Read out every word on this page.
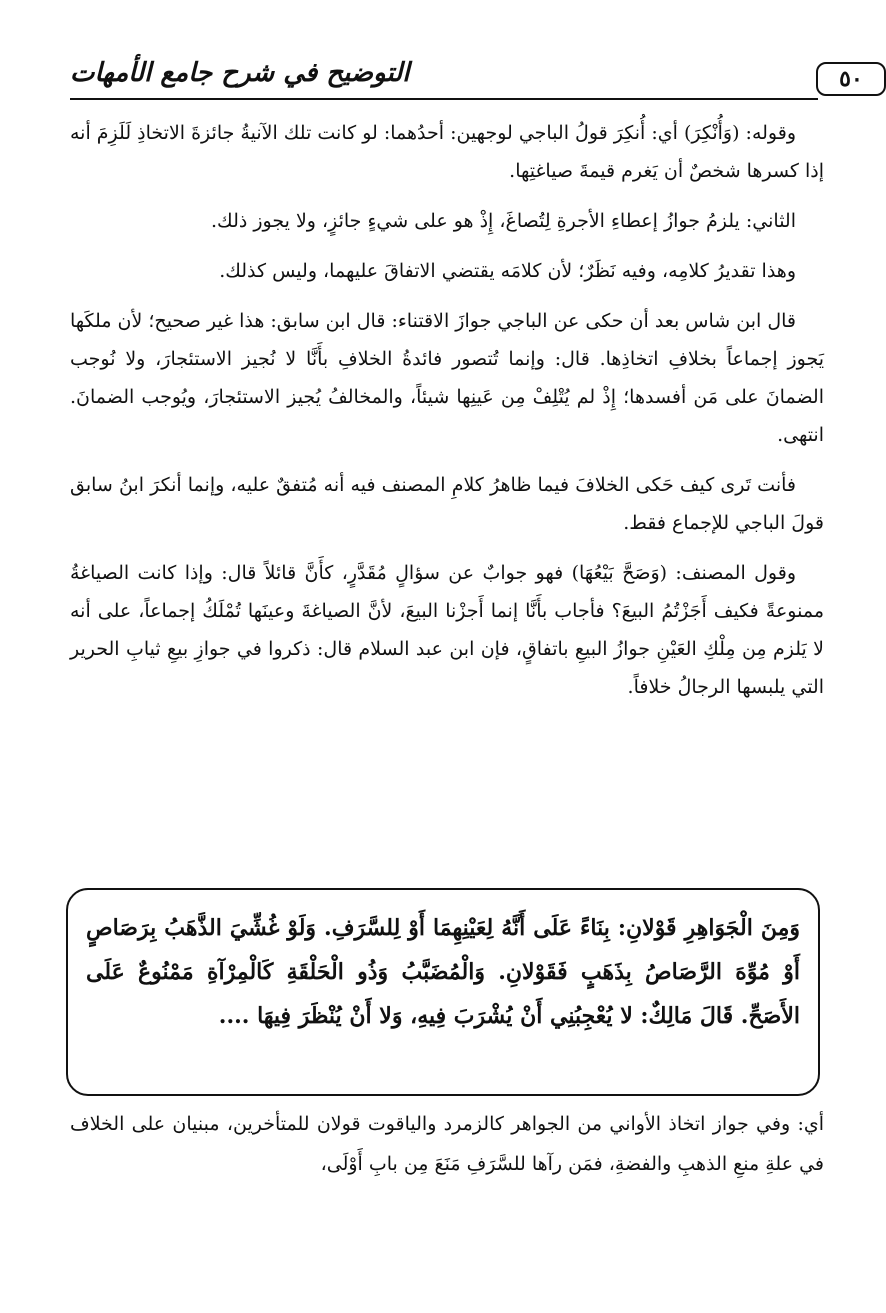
التوضيح في شرح جامع الأمهات	٥٠

وقوله: (وَأُنْكِرَ) أي: أُنكِرَ قولُ الباجي لوجهين: أحدُهما: لو كانت تلك الآنيةُ جائزةَ الاتخاذِ لَلَزِمَ أنه إذا كسرها شخصٌ أن يَغرم قيمةَ صياغتِها.

الثاني: يلزمُ جوازُ إعطاءِ الأجرةِ لِتُصاغَ، إِذْ هو على شيءٍ جائزٍ، ولا يجوز ذلك.

وهذا تقديرُ كلامِه، وفيه نَظَرٌ؛ لأن كلامَه يقتضي الاتفاقَ عليهما، وليس كذلك.

قال ابن شاس بعد أن حكى عن الباجي جوازَ الاقتناء: قال ابن سابق: هذا غير صحيح؛ لأن ملكَها يَجوز إجماعاً بخلافِ اتخاذِها. قال: وإنما تُتصور فائدةُ الخلافِ بأَنَّا لا نُجيز الاستئجارَ، ولا نُوجب الضمانَ على مَن أفسدها؛ إِذْ لم يُتْلِفْ مِن عَينِها شيئاً، والمخالفُ يُجيز الاستئجارَ، ويُوجب الضمانَ. انتهى.

فأنت تَرى كيف حَكى الخلافَ فيما ظاهرُ كلامِ المصنف فيه أنه مُتفقٌ عليه، وإنما أنكرَ ابنُ سابق قولَ الباجي للإجماع فقط.

وقول المصنف: (وَصَحَّ بَيْعُهَا) فهو جوابٌ عن سؤالٍ مُقَدَّرٍ، كأَنَّ قائلاً قال: وإذا كانت الصياغةُ ممنوعةً فكيف أَجَزْتُمُ البيعَ؟ فأجاب بأَنَّا إنما أَجزْنا البيعَ، لأنَّ الصياغةَ وعينَها تُمْلَكُ إجماعاً، على أنه لا يَلزم مِن مِلْكِ العَيْنِ جوازُ البيعِ باتفاقٍ، فإن ابن عبد السلام قال: ذكروا في جوازِ بيعِ ثيابِ الحرير التي يلبسها الرجالُ خلافاً.

وَمِنَ الْجَوَاهِرِ قَوْلانِ: بِنَاءً عَلَى أَنَّهُ لِعَيْنِهِمَا أَوْ لِلسَّرَفِ. وَلَوْ غُشِّيَ الذَّهَبُ بِرَصَاصٍ أَوْ مُوِّهَ الرَّصَاصُ بِذَهَبٍ فَقَوْلانِ. وَالْمُضَبَّبُ وَذُو الْحَلْقَةِ كَالْمِرْآةِ مَمْنُوعٌ عَلَى الأَصَحِّ. قَالَ مَالِكٌ: لا يُعْجِبُنِي أَنْ يُشْرَبَ فِيهِ، وَلا أَنْ يُنْظَرَ فِيهَا ....

أي: وفي جواز اتخاذ الأواني من الجواهر كالزمرد والياقوت قولان للمتأخرين، مبنيان على الخلاف في علةِ منعِ الذهبِ والفضةِ، فمَن رآها للسَّرَفِ مَنَعَ مِن بابِ أَوْلَى،
